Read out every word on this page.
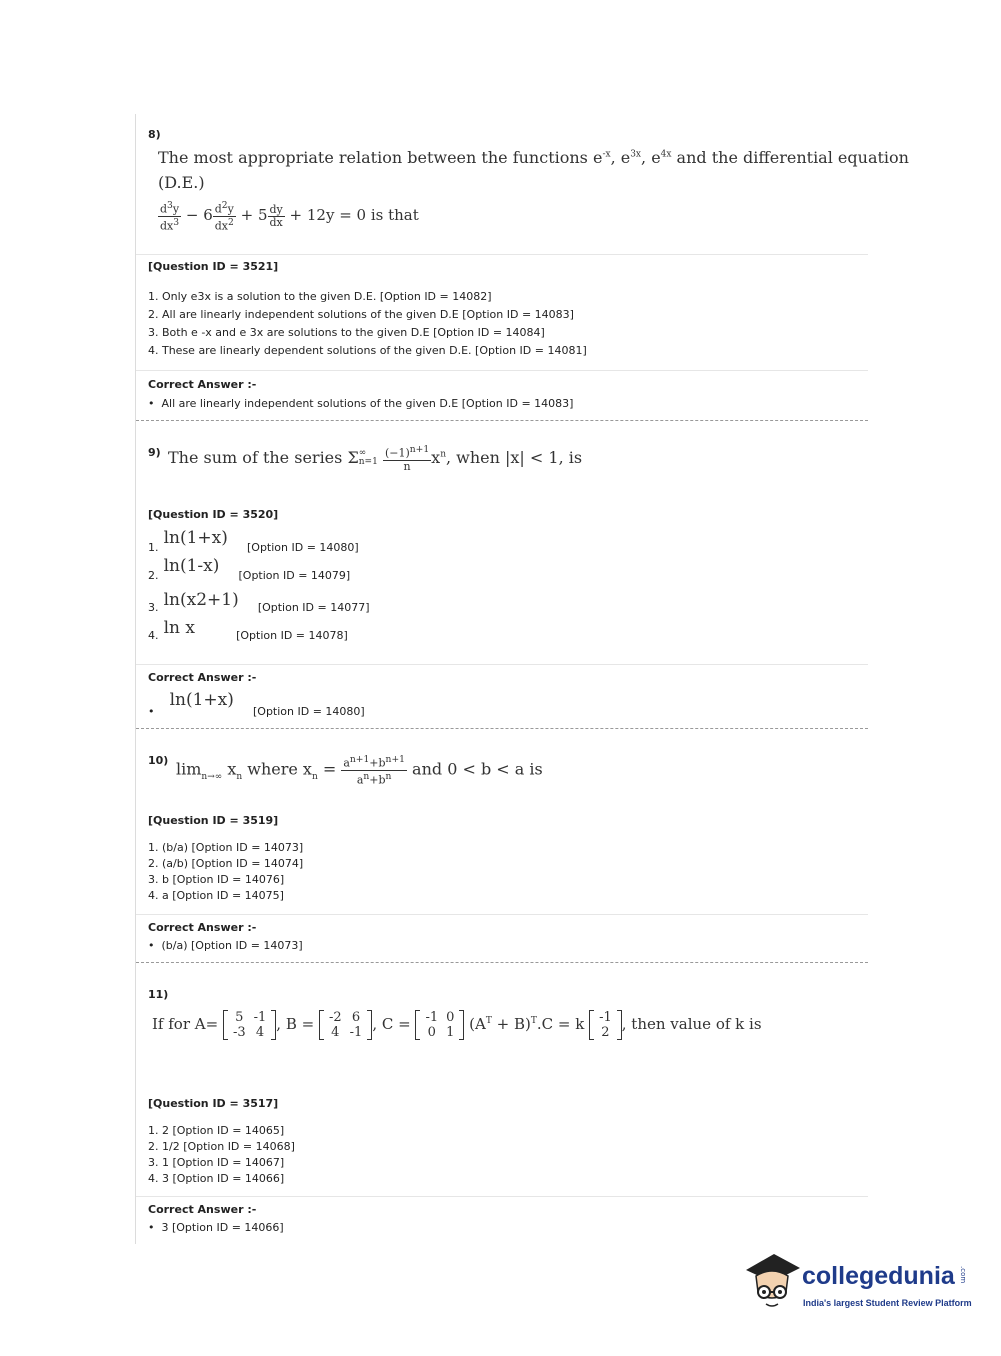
8)
The most appropriate relation between the functions $e^{-x}$, $e^{3x}$, $e^{4x}$ and the differential equation
(D.E.)
$\frac{d^3y}{dx^3} - 6 \frac{d^2y}{dx^2} + 5 \frac{dy}{dx} + 12y = 0$ is that
[Question ID = 3521]
1. Only e3x is a solution to the given D.E. [Option ID = 14082]
2. All are linearly independent solutions of the given D.E [Option ID = 14083]
3. Both e -x and e 3x are solutions to the given D.E [Option ID = 14084]
4. These are linearly dependent solutions of the given D.E. [Option ID = 14081]
Correct Answer :-
•  All are linearly independent solutions of the given D.E [Option ID = 14083]
9) The sum of the series Σ ∞
n=1
$\frac{(-1)^{n+1}}{n} x^n$, when |x| < 1, is
[Question ID = 3520]
1. ln(1+x) [Option ID = 14080]
2. ln(1-x) [Option ID = 14079]
3. ln(x2+1) [Option ID = 14077]
4. ln x	[Option ID = 14078]
Correct Answer :-
$_•$ ln(1+x) $_{[Option ID = 14080]}$
10) $\lim_{n\to\infty} x_n$ where $x_n = \frac{a^{n+1}+b^{n+1}}{a^n+b^n}$ and 0 < b < a is
[Question ID = 3519]
1. (b/a) [Option ID = 14073]
2. (a/b) [Option ID = 14074]
3. b [Option ID = 14076]
4. a [Option ID = 14075]
Correct Answer :-
•  (b/a) [Option ID = 14073]
11)
If for A= 5	-1
-3	4 , B = -2	6
4	-1 , C = -1	0
0	1 $(A^T + B)^T.C = k$ -1
2 , then value of k is
[Question ID = 3517]
1. 2 [Option ID = 14065]
2. 1/2 [Option ID = 14068]
3. 1 [Option ID = 14067]
4. 3 [Option ID = 14066]
Correct Answer :-
•  3 [Option ID = 14066]
collegedunia .com
India's largest Student Review Platform
